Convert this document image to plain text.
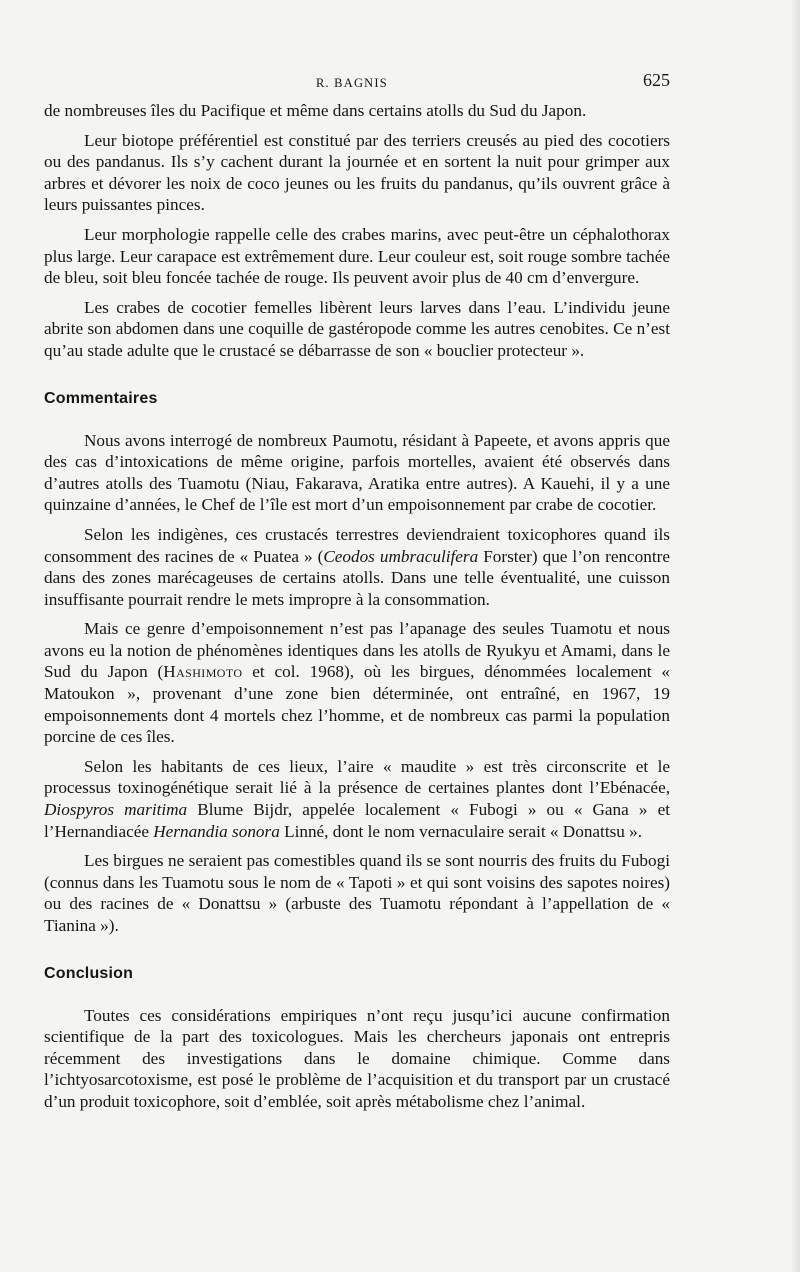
R. BAGNIS	625

de nombreuses îles du Pacifique et même dans certains atolls du Sud du Japon.

Leur biotope préférentiel est constitué par des terriers creusés au pied des cocotiers ou des pandanus. Ils s’y cachent durant la journée et en sortent la nuit pour grimper aux arbres et dévorer les noix de coco jeunes ou les fruits du pandanus, qu’ils ouvrent grâce à leurs puissantes pinces.

Leur morphologie rappelle celle des crabes marins, avec peut-être un céphalothorax plus large. Leur carapace est extrêmement dure. Leur couleur est, soit rouge sombre tachée de bleu, soit bleu foncée tachée de rouge. Ils peuvent avoir plus de 40 cm d’envergure.

Les crabes de cocotier femelles libèrent leurs larves dans l’eau. L’individu jeune abrite son abdomen dans une coquille de gastéropode comme les autres cenobites. Ce n’est qu’au stade adulte que le crustacé se débarrasse de son « bouclier protecteur ».

Commentaires

Nous avons interrogé de nombreux Paumotu, résidant à Papeete, et avons appris que des cas d’intoxications de même origine, parfois mortelles, avaient été observés dans d’autres atolls des Tuamotu (Niau, Fakarava, Aratika entre autres). A Kauehi, il y a une quinzaine d’années, le Chef de l’île est mort d’un empoisonnement par crabe de cocotier.

Selon les indigènes, ces crustacés terrestres deviendraient toxicophores quand ils consomment des racines de « Puatea » (Ceodos umbraculifera Forster) que l’on rencontre dans des zones marécageuses de certains atolls. Dans une telle éventualité, une cuisson insuffisante pourrait rendre le mets impropre à la consommation.

Mais ce genre d’empoisonnement n’est pas l’apanage des seules Tuamotu et nous avons eu la notion de phénomènes identiques dans les atolls de Ryukyu et Amami, dans le Sud du Japon (Hashimoto et col. 1968), où les birgues, dénommées localement « Matoukon », provenant d’une zone bien déterminée, ont entraîné, en 1967, 19 empoisonnements dont 4 mortels chez l’homme, et de nombreux cas parmi la population porcine de ces îles.

Selon les habitants de ces lieux, l’aire « maudite » est très circonscrite et le processus toxinogénétique serait lié à la présence de certaines plantes dont l’Ebénacée, Diospyros maritima Blume Bijdr, appelée localement « Fubogi » ou « Gana » et l’Hernandiacée Hernandia sonora Linné, dont le nom vernaculaire serait « Donattsu ».

Les birgues ne seraient pas comestibles quand ils se sont nourris des fruits du Fubogi (connus dans les Tuamotu sous le nom de « Tapoti » et qui sont voisins des sapotes noires) ou des racines de « Donattsu » (arbuste des Tuamotu répondant à l’appellation de « Tianina »).

Conclusion

Toutes ces considérations empiriques n’ont reçu jusqu’ici aucune confirmation scientifique de la part des toxicologues. Mais les chercheurs japonais ont entrepris récemment des investigations dans le domaine chimique. Comme dans l’ichtyosarcotoxisme, est posé le problème de l’acquisition et du transport par un crustacé d’un produit toxicophore, soit d’emblée, soit après métabolisme chez l’animal.
